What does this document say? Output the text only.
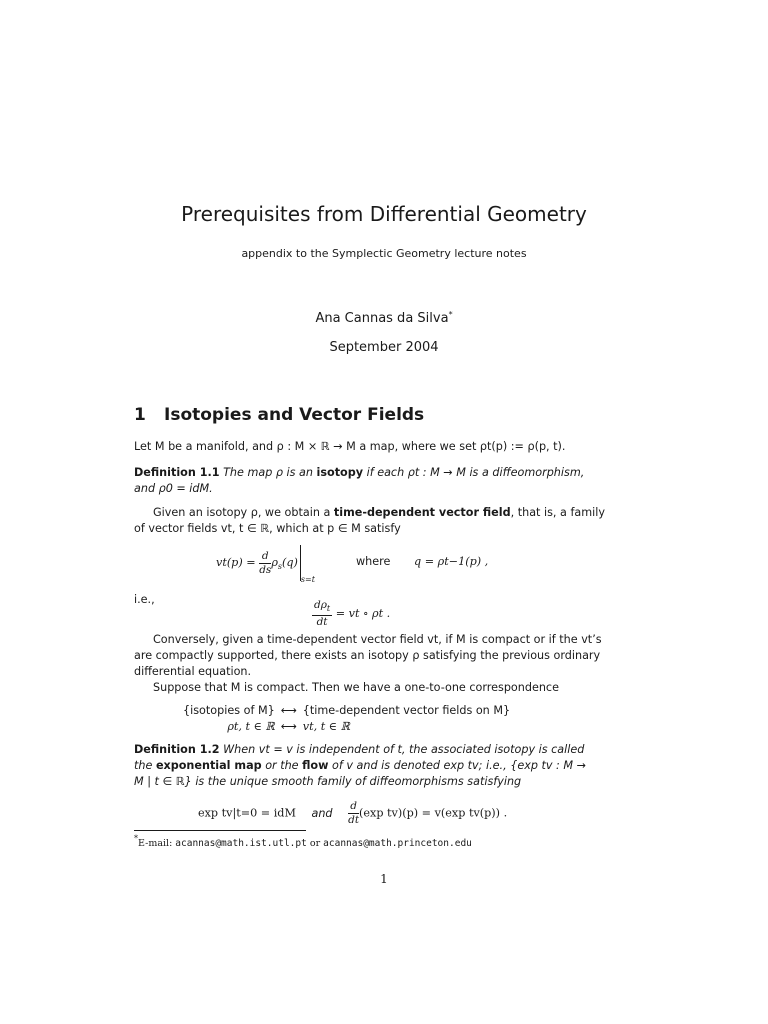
Prerequisites from Differential Geometry
appendix to the Symplectic Geometry lecture notes
Ana Cannas da Silva*
September 2004
1 Isotopies and Vector Fields
Let M be a manifold, and ρ : M × ℝ → M a map, where we set ρt(p) := ρ(p, t).
Definition 1.1 The map ρ is an isotopy if each ρt : M → M is a diffeomorphism,
and ρ0 = idM.
Given an isotopy ρ, we obtain a time-dependent vector field, that is, a family
of vector fields vt, t ∈ ℝ, which at p ∈ M satisfy
$vt(p) = \frac{d}{ds} \rho_s(q)_{s=t}$
where q = ρt−1(p) ,
i.e.,	$\frac{d\rho_t}{dt}$ = vt ∘ ρt .
Conversely, given a time-dependent vector field vt, if M is compact or if the vt’s
are compactly supported, there exists an isotopy ρ satisfying the previous ordinary
differential equation.
Suppose that M is compact. Then we have a one-to-one correspondence
{isotopies of M}	⟷	{time-dependent vector fields on M}
ρt, t ∈ ℝ	⟷	vt, t ∈ ℝ
Definition 1.2 When vt = v is independent of t, the associated isotopy is called
the exponential map or the flow of v and is denoted exp tv; i.e., {exp tv : M →
M | t ∈ ℝ} is the unique smooth family of diffeomorphisms satisfying
exp tv|t=0 = idM and $\frac{d}{dt} (\exp$ tv)(p) = v(exp tv(p)) .
*E-mail: acannas@math.ist.utl.pt or acannas@math.princeton.edu
1
